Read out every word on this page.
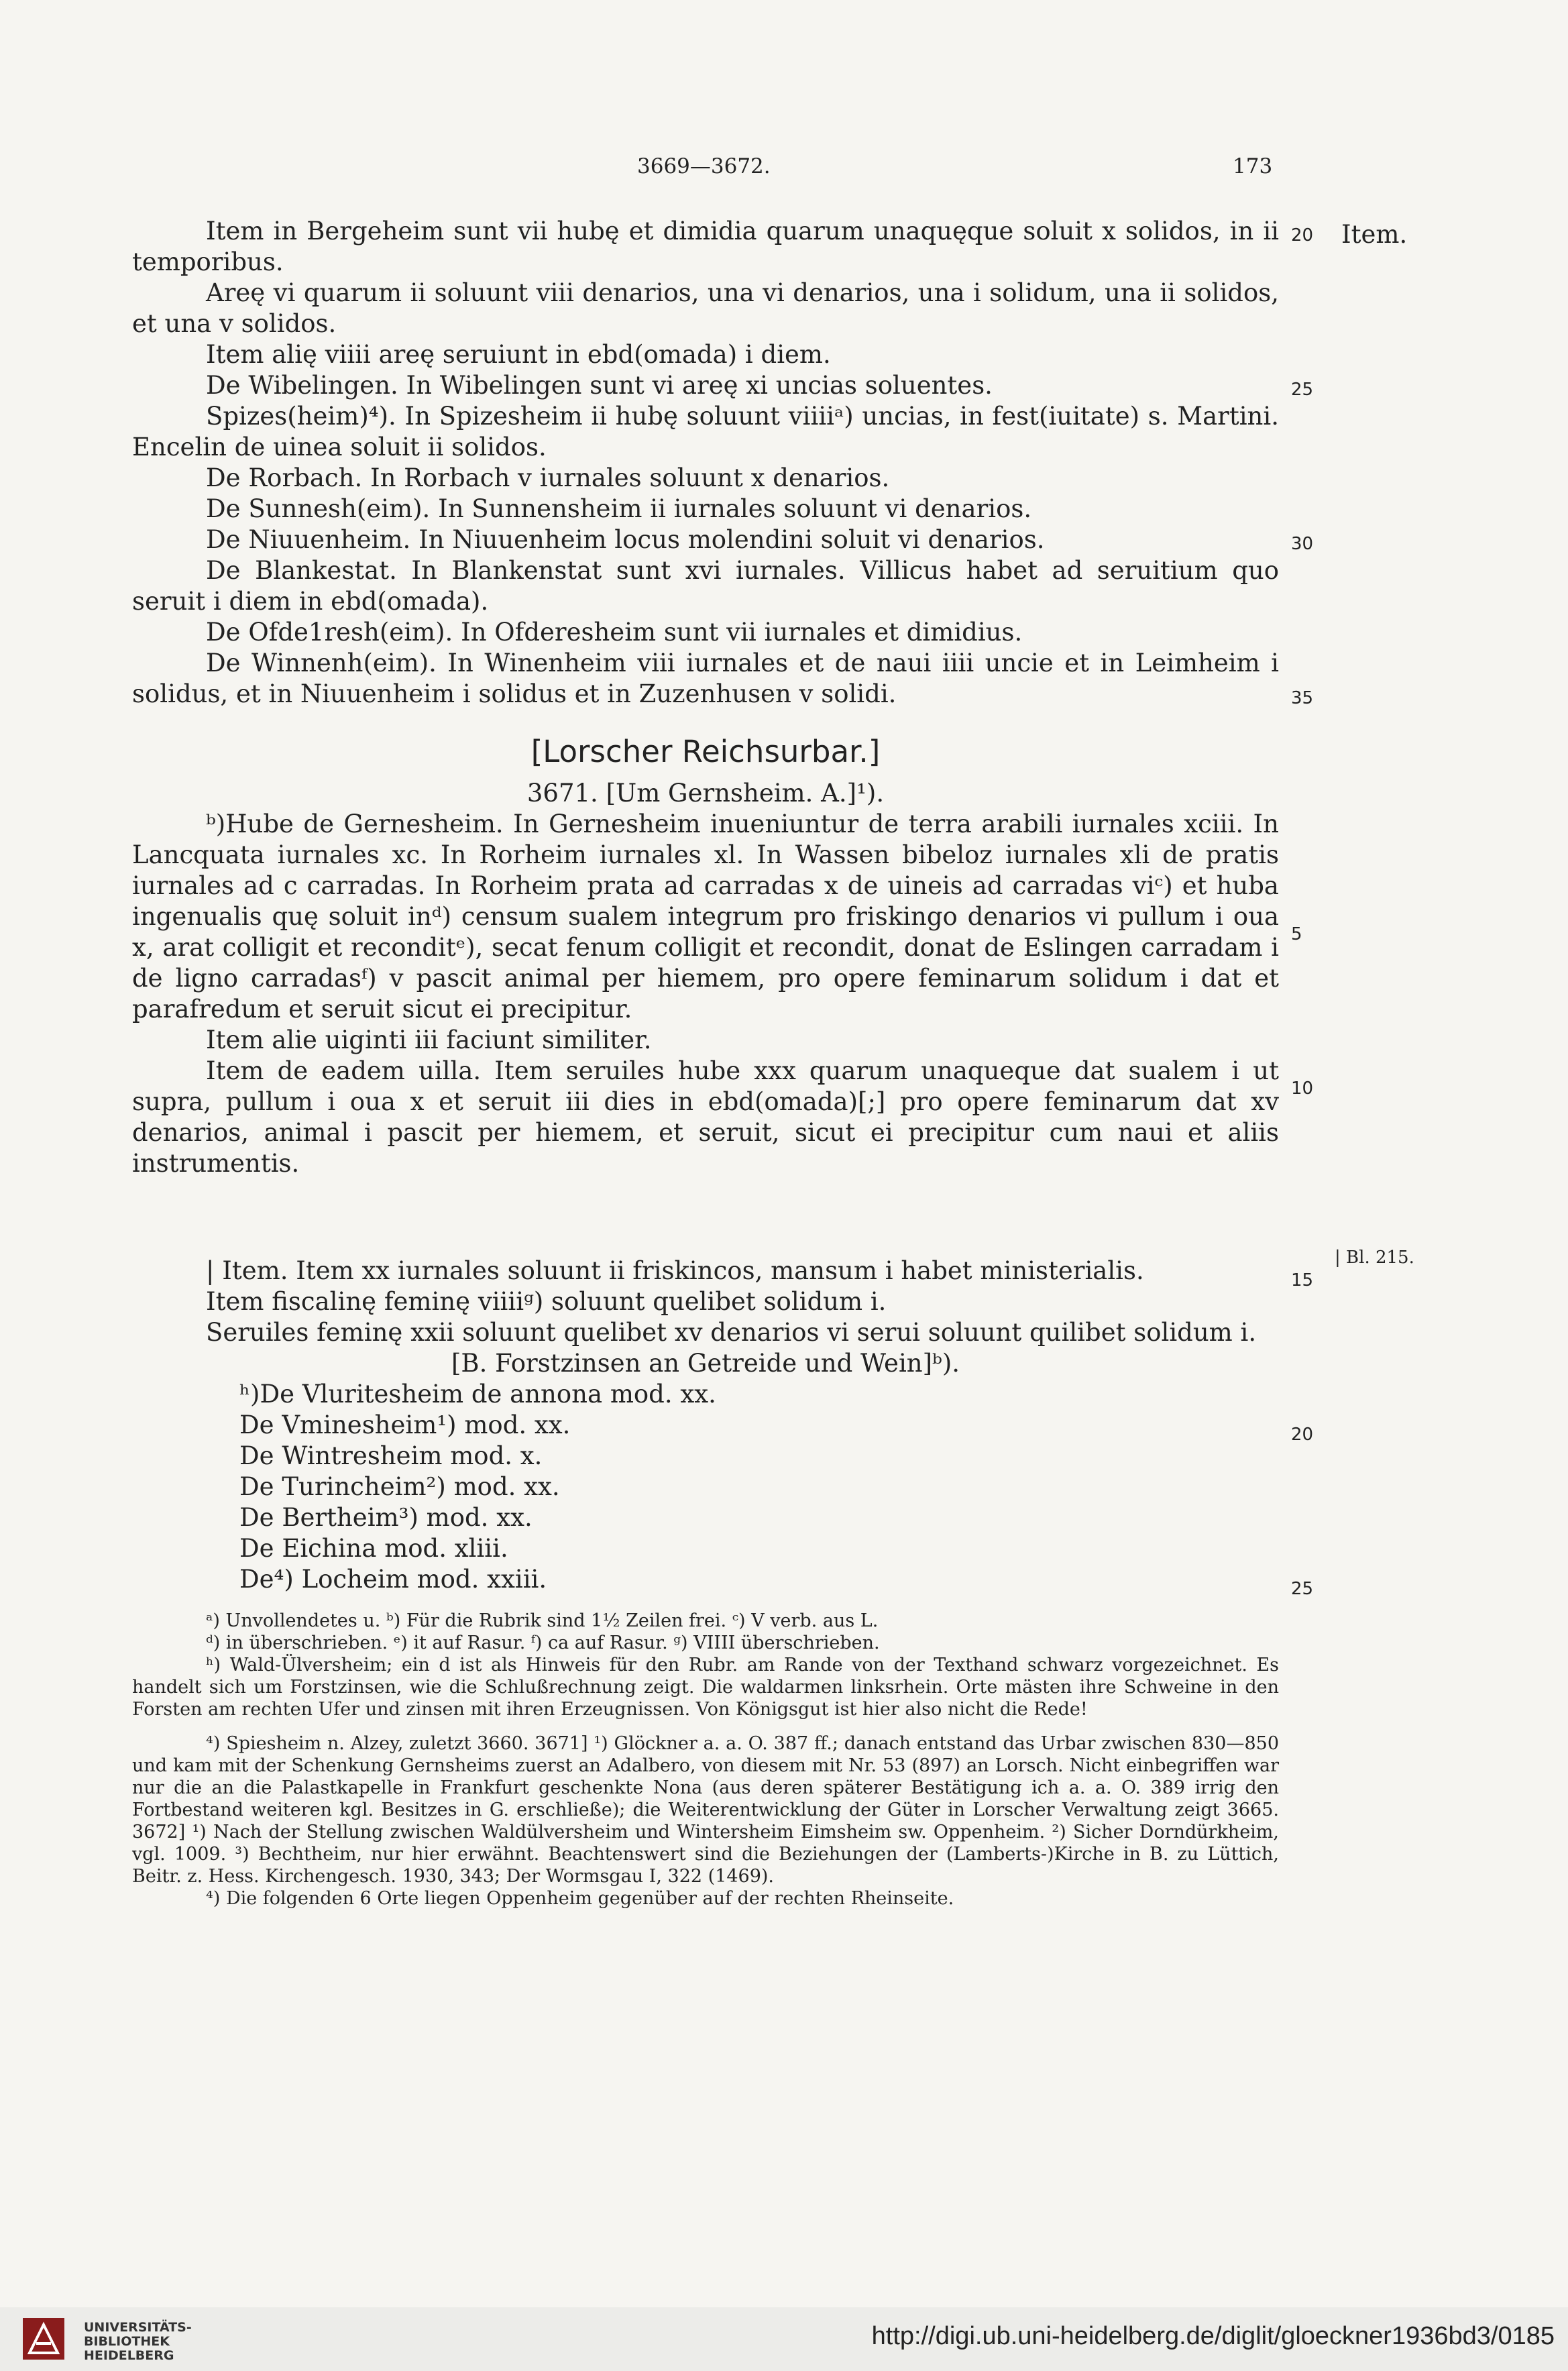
3669—3672.	173
Item.
20
25
30
35
5
10
| Bl. 215.
15
20
25

Item in Bergeheim sunt vii hubę et dimidia quarum unaquęque soluit x solidos, in ii temporibus.

Areę vi quarum ii soluunt viii denarios, una vi denarios, una i solidum, una ii solidos, et una v solidos.

Item alię viiii areę seruiunt in ebd(omada) i diem.

De Wibelingen. In Wibelingen sunt vi areę xi uncias soluentes.

Spizes(heim)⁴). In Spizesheim ii hubę soluunt viiiiᵃ) uncias, in fest(iuitate) s. Martini. Encelin de uinea soluit ii solidos.

De Rorbach. In Rorbach v iurnales soluunt x denarios.

De Sunnesh(eim). In Sunnensheim ii iurnales soluunt vi denarios.

De Niuuenheim. In Niuuenheim locus molendini soluit vi denarios.

De Blankestat. In Blankenstat sunt xvi iurnales. Villicus habet ad seruitium quo seruit i diem in ebd(omada).

De Ofde1resh(eim). In Ofderesheim sunt vii iurnales et dimidius.

De Winnenh(eim). In Winenheim viii iurnales et de naui iiii uncie et in Leimheim i solidus, et in Niuuenheim i solidus et in Zuzenhusen v solidi.

[Lorscher Reichsurbar.]

3671. [Um Gernsheim. A.]¹).

ᵇ)Hube de Gernesheim. In Gernesheim inueniuntur de terra arabili iurnales xciii. In Lancquata iurnales xc. In Rorheim iurnales xl. In Wassen bibeloz iurnales xli de pratis iurnales ad c carradas. In Rorheim prata ad carradas x de uineis ad carradas viᶜ) et huba ingenualis quę soluit inᵈ) censum sualem integrum pro friskingo denarios vi pullum i oua x, arat colligit et reconditᵉ), secat fenum colligit et recondit, donat de Eslingen carradam i de ligno carradasᶠ) v pascit animal per hiemem, pro opere feminarum solidum i dat et parafredum et seruit sicut ei precipitur.

Item alie uiginti iii faciunt similiter.

Item de eadem uilla. Item seruiles hube xxx quarum unaqueque dat sualem i ut supra, pullum i oua x et seruit iii dies in ebd(omada)[;] pro opere feminarum dat xv denarios, animal i pascit per hiemem, et seruit, sicut ei precipitur cum naui et aliis instrumentis.

| Item. Item xx iurnales soluunt ii friskincos, mansum i habet ministerialis.

Item fiscalinę feminę viiiiᵍ) soluunt quelibet solidum i.

Seruiles feminę xxii soluunt quelibet xv denarios vi serui soluunt quilibet solidum i.

[B. Forstzinsen an Getreide und Wein]ᵇ).

ʰ)De Vluritesheim de annona mod. xx.

De Vminesheim¹) mod. xx.

De Wintresheim mod. x.

De Turincheim²) mod. xx.

De Bertheim³) mod. xx.

De Eichina mod. xliii.

De⁴) Locheim mod. xxiii.

ᵃ) Unvollendetes u. ᵇ) Für die Rubrik sind 1½ Zeilen frei. ᶜ) V verb. aus L.

ᵈ) in überschrieben. ᵉ) it auf Rasur. ᶠ) ca auf Rasur. ᵍ) VIIII überschrieben.

ʰ) Wald-Ülversheim; ein d ist als Hinweis für den Rubr. am Rande von der Texthand schwarz vorgezeichnet. Es handelt sich um Forstzinsen, wie die Schlußrechnung zeigt. Die waldarmen linksrhein. Orte mästen ihre Schweine in den Forsten am rechten Ufer und zinsen mit ihren Erzeugnissen. Von Königsgut ist hier also nicht die Rede!

⁴) Spiesheim n. Alzey, zuletzt 3660. 3671] ¹) Glöckner a. a. O. 387 ff.; danach entstand das Urbar zwischen 830—850 und kam mit der Schenkung Gernsheims zuerst an Adalbero, von diesem mit Nr. 53 (897) an Lorsch. Nicht einbegriffen war nur die an die Palastkapelle in Frankfurt geschenkte Nona (aus deren späterer Bestätigung ich a. a. O. 389 irrig den Fortbestand weiteren kgl. Besitzes in G. erschließe); die Weiterentwicklung der Güter in Lorscher Verwaltung zeigt 3665. 3672] ¹) Nach der Stellung zwischen Waldülversheim und Wintersheim Eimsheim sw. Oppenheim. ²) Sicher Dorndürkheim, vgl. 1009. ³) Bechtheim, nur hier erwähnt. Beachtenswert sind die Beziehungen der (Lamberts-)Kirche in B. zu Lüttich, Beitr. z. Hess. Kirchengesch. 1930, 343; Der Wormsgau I, 322 (1469).

⁴) Die folgenden 6 Orte liegen Oppenheim gegenüber auf der rechten Rheinseite.

UNIVERSITÄTS-
BIBLIOTHEK
HEIDELBERG
http://digi.ub.uni-heidelberg.de/diglit/gloeckner1936bd3/0185
